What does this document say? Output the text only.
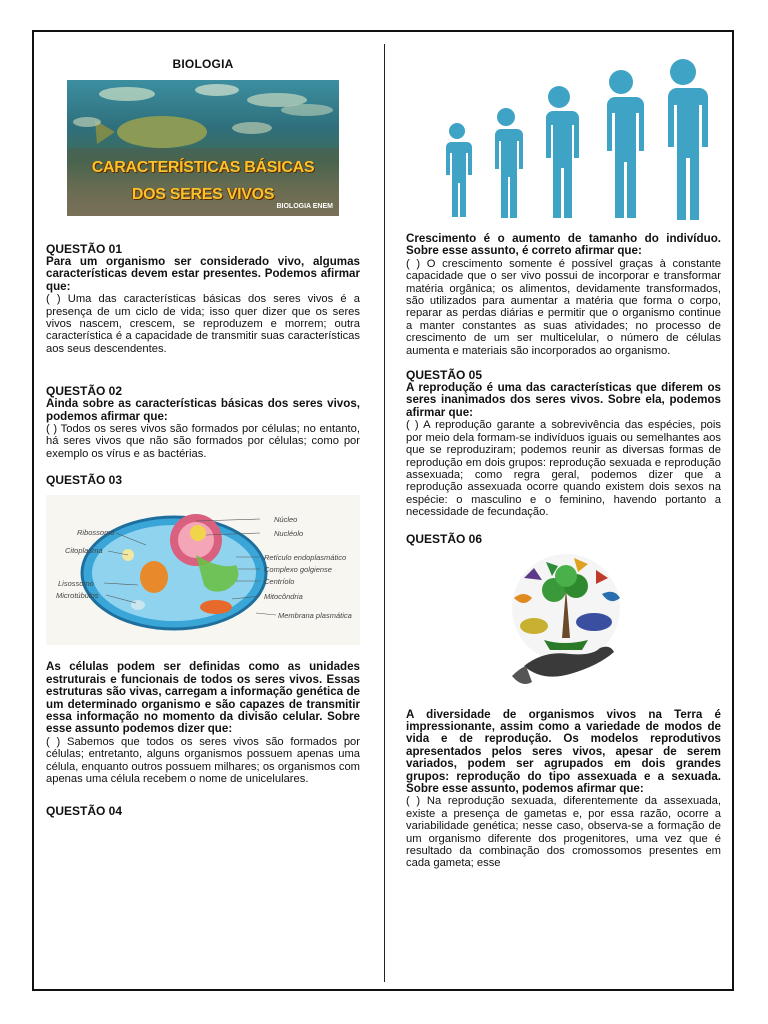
BIOLOGIA
CARACTERÍSTICAS BÁSICAS
DOS SERES VIVOS
BIOLOGIA ENEM
QUESTÃO 01

Para um organismo ser considerado vivo, algumas características devem estar presentes. Podemos afirmar que:

( ) Uma das características básicas dos seres vivos é a presença de um ciclo de vida; isso quer dizer que os seres vivos nascem, crescem, se reproduzem e morrem; outra característica é a capacidade de transmitir suas características aos seus descendentes.

QUESTÃO 02

Ainda sobre as características básicas dos seres vivos, podemos afirmar que:

( ) Todos os seres vivos são formados por células; no entanto, há seres vivos que não são formados por células; como por exemplo os vírus e as bactérias.

QUESTÃO 03
Núcleo
Ribossomo	Nucléolo
Citoplasma
Retículo endoplasmático
Complexo golgiense
Centríolo
Lisossomo
Microtúbulos	Mitocôndria
Membrana plasmática

As células podem ser definidas como as unidades estruturais e funcionais de todos os seres vivos. Essas estruturas são vivas, carregam a informação genética de um determinado organismo e são capazes de transmitir essa informação no momento da divisão celular. Sobre esse assunto podemos dizer que:

( ) Sabemos que todos os seres vivos são formados por células; entretanto, alguns organismos possuem apenas uma célula, enquanto outros possuem milhares; os organismos com apenas uma célula recebem o nome de unicelulares.

QUESTÃO 04

Crescimento é o aumento de tamanho do indivíduo. Sobre esse assunto, é correto afirmar que:

( ) O crescimento somente é possível graças à constante capacidade que o ser vivo possui de incorporar e transformar matéria orgânica; os alimentos, devidamente transformados, são utilizados para aumentar a matéria que forma o corpo, reparar as perdas diárias e permitir que o organismo continue a manter constantes as suas atividades; no processo de crescimento de um ser multicelular, o número de células aumenta e materiais são incorporados ao organismo.

QUESTÃO 05

A reprodução é uma das características que diferem os seres inanimados dos seres vivos. Sobre ela, podemos afirmar que:

( ) A reprodução garante a sobrevivência das espécies, pois por meio dela formam-se indivíduos iguais ou semelhantes aos que se reproduziram; podemos reunir as diversas formas de reprodução em dois grupos: reprodução sexuada e reprodução assexuada; como regra geral, podemos dizer que a reprodução assexuada ocorre quando existem dois sexos na espécie: o masculino e o feminino, havendo portanto a necessidade de fecundação.

QUESTÃO 06

A diversidade de organismos vivos na Terra é impressionante, assim como a variedade de modos de vida e de reprodução. Os modelos reprodutivos apresentados pelos seres vivos, apesar de serem variados, podem ser agrupados em dois grandes grupos: reprodução do tipo assexuada e a sexuada. Sobre esse assunto, podemos afirmar que:

( ) Na reprodução sexuada, diferentemente da assexuada, existe a presença de gametas e, por essa razão, ocorre a variabilidade genética; nesse caso, observa-se a formação de um organismo diferente dos progenitores, uma vez que é resultado da combinação dos cromossomos presentes em cada gameta; esse
